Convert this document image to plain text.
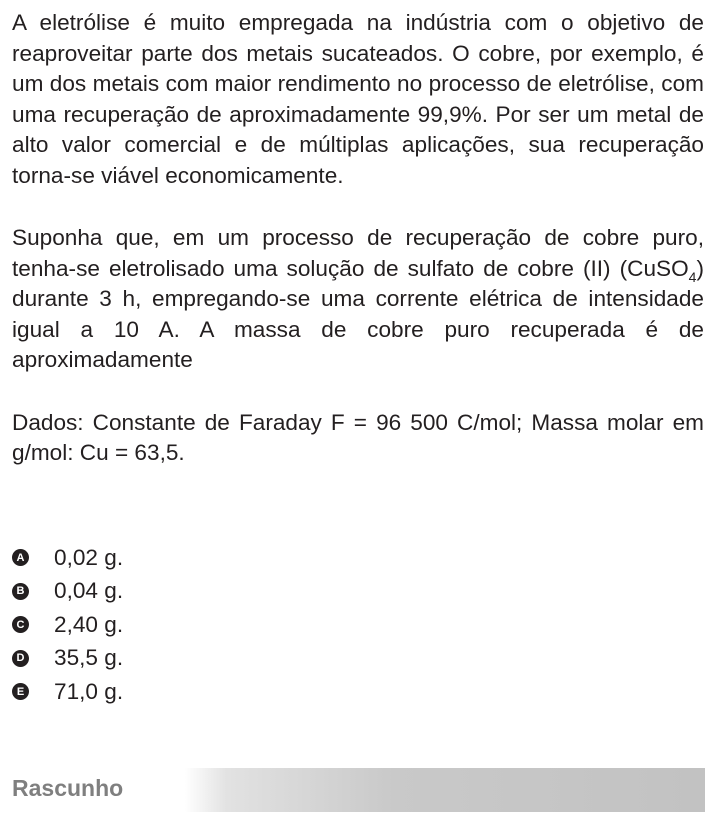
A eletrólise é muito empregada na indústria com o objetivo de reaproveitar parte dos metais sucateados. O cobre, por exemplo, é um dos metais com maior rendimento no processo de eletrólise, com uma recuperação de aproximadamente 99,9%. Por ser um metal de alto valor comercial e de múltiplas aplicações, sua recuperação torna-se viável economicamente.

Suponha que, em um processo de recuperação de cobre puro, tenha-se eletrolisado uma solução de sulfato de cobre (II) (CuSO$_4$) durante 3 h, empregando-se uma corrente elétrica de intensidade igual a 10 A. A massa de cobre puro recuperada é de aproximadamente

Dados: Constante de Faraday F = 96 500 C/mol; Massa molar em g/mol: Cu = 63,5.

A 0,02 g.
B 0,04 g.
C 2,40 g.
D 35,5 g.
E 71,0 g.
Rascunho
